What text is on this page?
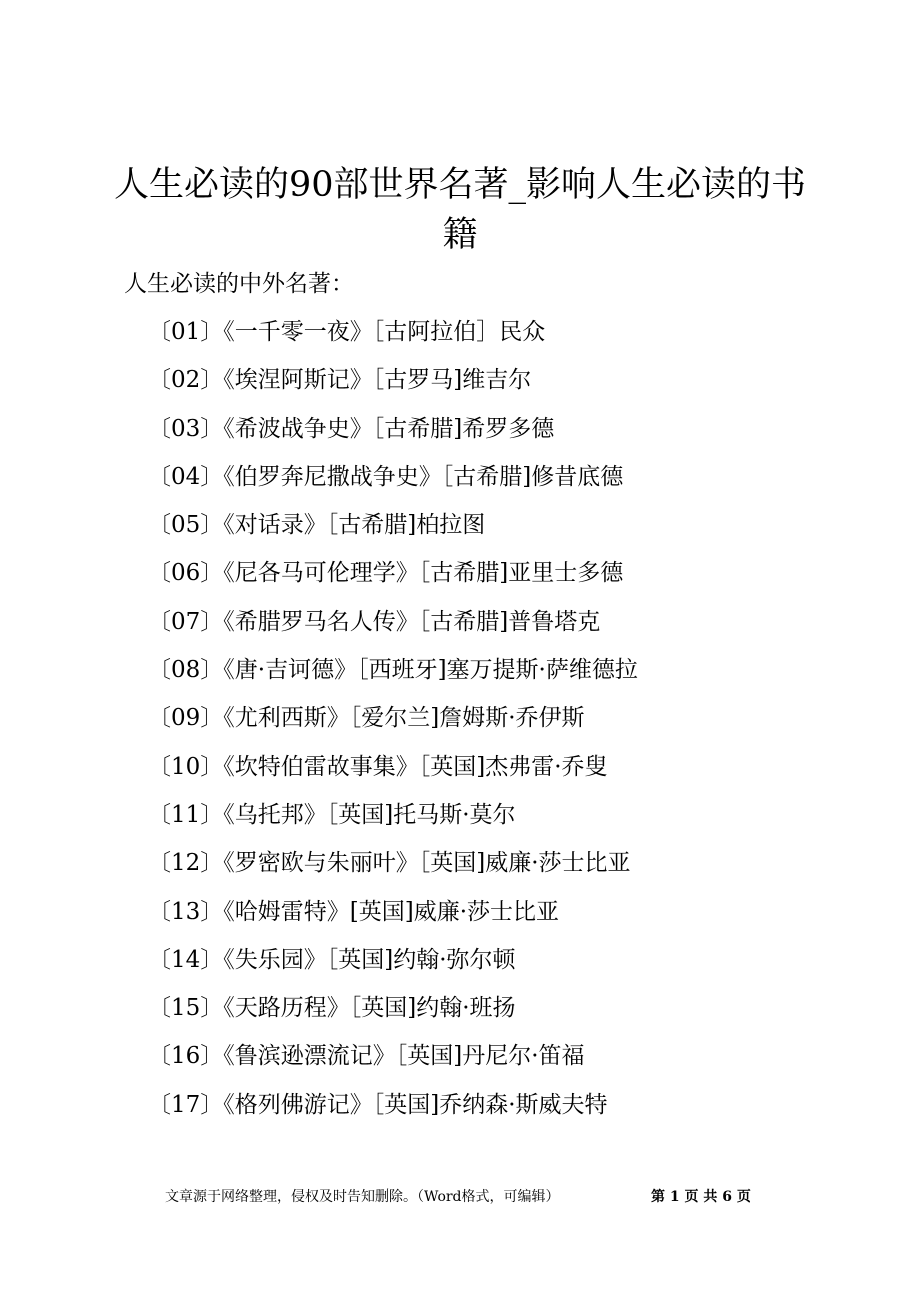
人生必读的90部世界名著_影响人生必读的书籍

人生必读的中外名著：

〔01〕《一千零一夜》［古阿拉伯］民众
〔02〕《埃涅阿斯记》［古罗马]维吉尔
〔03〕《希波战争史》［古希腊]希罗多德
〔04〕《伯罗奔尼撒战争史》［古希腊]修昔底德
〔05〕《对话录》［古希腊]柏拉图
〔06〕《尼各马可伦理学》［古希腊]亚里士多德
〔07〕《希腊罗马名人传》［古希腊]普鲁塔克
〔08〕《唐·吉诃德》［西班牙]塞万提斯·萨维德拉
〔09〕《尤利西斯》［爱尔兰]詹姆斯·乔伊斯
〔10〕《坎特伯雷故事集》［英国]杰弗雷·乔叟
〔11〕《乌托邦》［英国]托马斯·莫尔
〔12〕《罗密欧与朱丽叶》［英国]威廉·莎士比亚
〔13〕《哈姆雷特》[英国]威廉·莎士比亚
〔14〕《失乐园》［英国]约翰·弥尔顿
〔15〕《天路历程》［英国]约翰·班扬
〔16〕《鲁滨逊漂流记》［英国]丹尼尔·笛福
〔17〕《格列佛游记》［英国]乔纳森·斯威夫特
文章源于网络整理，侵权及时告知删除。（Word格式，可编辑）	第 1 页 共 6 页
